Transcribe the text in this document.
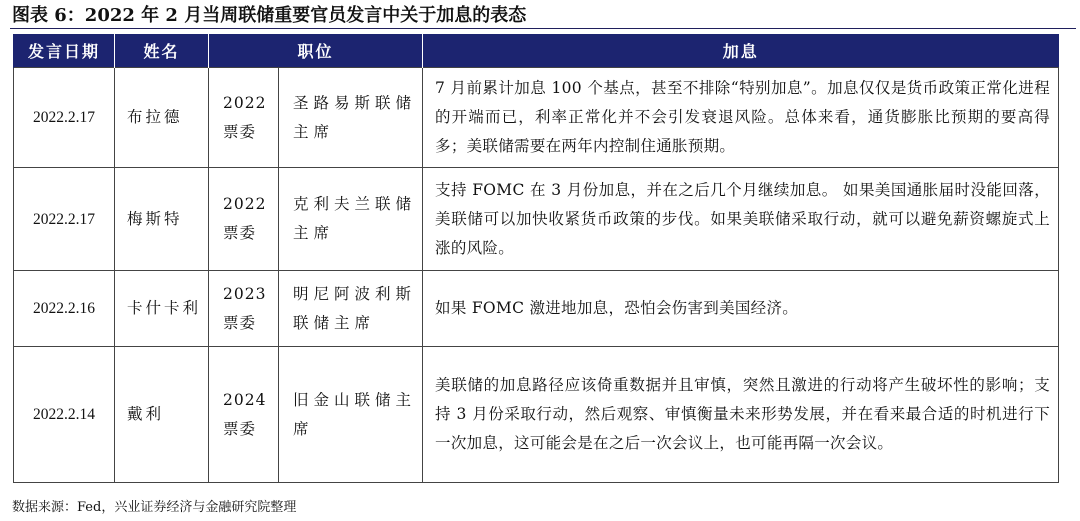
图表 6：2022 年 2 月当周联储重要官员发言中关于加息的表态
发言日期	姓名	职位		加息
2022.2.17	布拉德	2022 票委	圣路易斯联储主席	7 月前累计加息 100 个基点，甚至不排除“特别加息”。加息仅仅是货币政策正常化进程的开端而已，利率正常化并不会引发衰退风险。总体来看，通货膨胀比预期的要高得多；美联储需要在两年内控制住通胀预期。
2022.2.17	梅斯特	2022 票委	克利夫兰联储主席	支持 FOMC 在 3 月份加息，并在之后几个月继续加息。 如果美国通胀届时没能回落，美联储可以加快收紧货币政策的步伐。如果美联储采取行动，就可以避免薪资螺旋式上涨的风险。
2022.2.16	卡什卡利	2023 票委	明尼阿波利斯联储主席	如果 FOMC 激进地加息，恐怕会伤害到美国经济。
2022.2.14	戴利	2024 票委	旧金山联储主席	美联储的加息路径应该倚重数据并且审慎，突然且激进的行动将产生破坏性的影响；支持 3 月份采取行动，然后观察、审慎衡量未来形势发展，并在看来最合适的时机进行下一次加息，这可能会是在之后一次会议上，也可能再隔一次会议。
数据来源：Fed，兴业证券经济与金融研究院整理
